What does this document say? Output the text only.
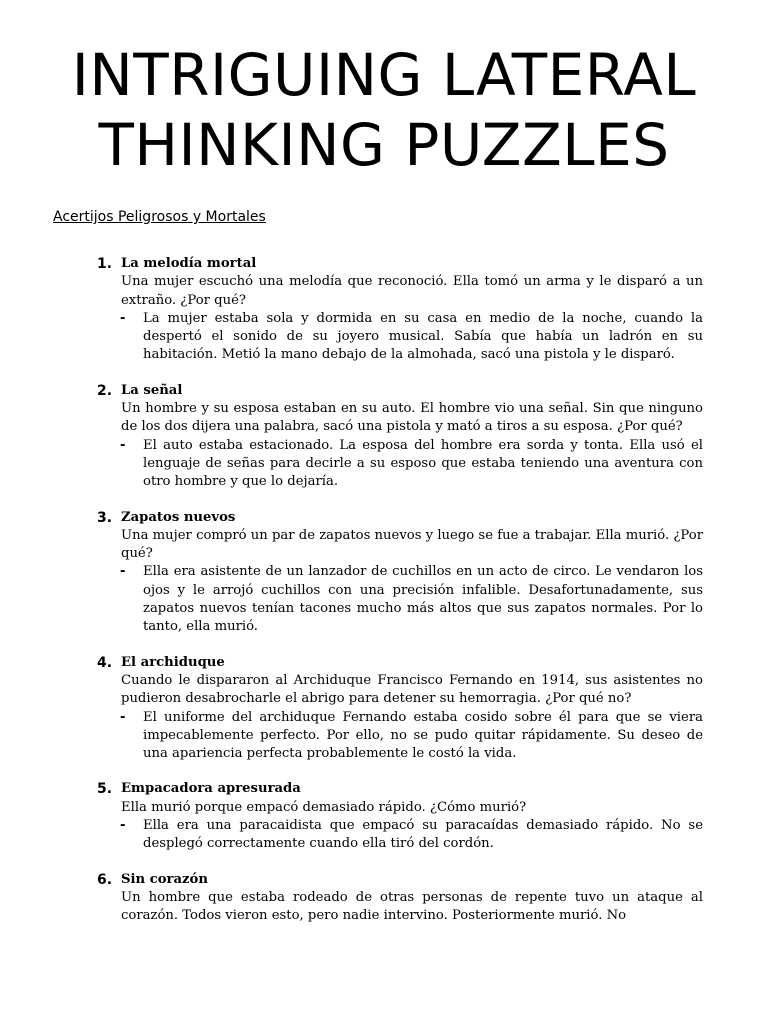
INTRIGUING LATERAL
THINKING PUZZLES

Acertijos Peligrosos y Mortales

1. La melodía mortal
Una mujer escuchó una melodía que reconoció. Ella tomó un arma y le disparó a un extraño. ¿Por qué?
- La mujer estaba sola y dormida en su casa en medio de la noche, cuando la despertó el sonido de su joyero musical. Sabía que había un ladrón en su habitación. Metió la mano debajo de la almohada, sacó una pistola y le disparó.
2. La señal
Un hombre y su esposa estaban en su auto. El hombre vio una señal. Sin que ninguno de los dos dijera una palabra, sacó una pistola y mató a tiros a su esposa. ¿Por qué?
- El auto estaba estacionado. La esposa del hombre era sorda y tonta. Ella usó el lenguaje de señas para decirle a su esposo que estaba teniendo una aventura con otro hombre y que lo dejaría.
3. Zapatos nuevos
Una mujer compró un par de zapatos nuevos y luego se fue a trabajar. Ella murió. ¿Por qué?
- Ella era asistente de un lanzador de cuchillos en un acto de circo. Le vendaron los ojos y le arrojó cuchillos con una precisión infalible. Desafortunadamente, sus zapatos nuevos tenían tacones mucho más altos que sus zapatos normales. Por lo tanto, ella murió.
4. El archiduque
Cuando le dispararon al Archiduque Francisco Fernando en 1914, sus asistentes no pudieron desabrocharle el abrigo para detener su hemorragia. ¿Por qué no?
- El uniforme del archiduque Fernando estaba cosido sobre él para que se viera impecablemente perfecto. Por ello, no se pudo quitar rápidamente. Su deseo de una apariencia perfecta probablemente le costó la vida.
5. Empacadora apresurada
Ella murió porque empacó demasiado rápido. ¿Cómo murió?
- Ella era una paracaidista que empacó su paracaídas demasiado rápido. No se desplegó correctamente cuando ella tiró del cordón.
6. Sin corazón
Un hombre que estaba rodeado de otras personas de repente tuvo un ataque al corazón. Todos vieron esto, pero nadie intervino. Posteriormente murió. No
